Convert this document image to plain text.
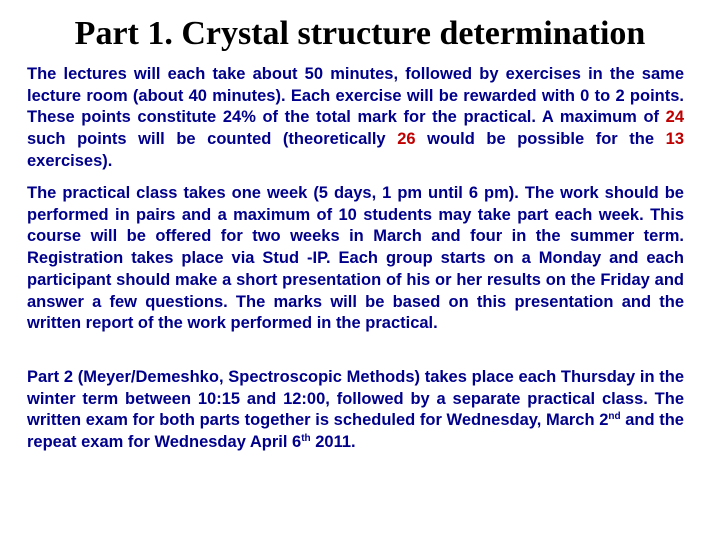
Part 1. Crystal structure determination
The lectures will each take about 50 minutes, followed by exercises in the same lecture room (about 40 minutes). Each exercise will be rewarded with 0 to 2 points. These points constitute 24% of the total mark for the practical. A maximum of 24 such points will be counted (theoretically 26 would be possible for the 13 exercises).
The practical class takes one week (5 days, 1 pm until 6 pm). The work should be performed in pairs and a maximum of 10 students may take part each week. This course will be offered for two weeks in March and four in the summer term. Registration takes place via Stud -IP. Each group starts on a Monday and each participant should make a short presentation of his or her results on the Friday and answer a few questions. The marks will be based on this presentation and the written report of the work performed in the practical.
Part 2 (Meyer/Demeshko, Spectroscopic Methods) takes place each Thursday in the winter term between 10:15 and 12:00, followed by a separate practical class. The written exam for both parts together is scheduled for Wednesday, March 2nd and the repeat exam for Wednesday April 6th 2011.
